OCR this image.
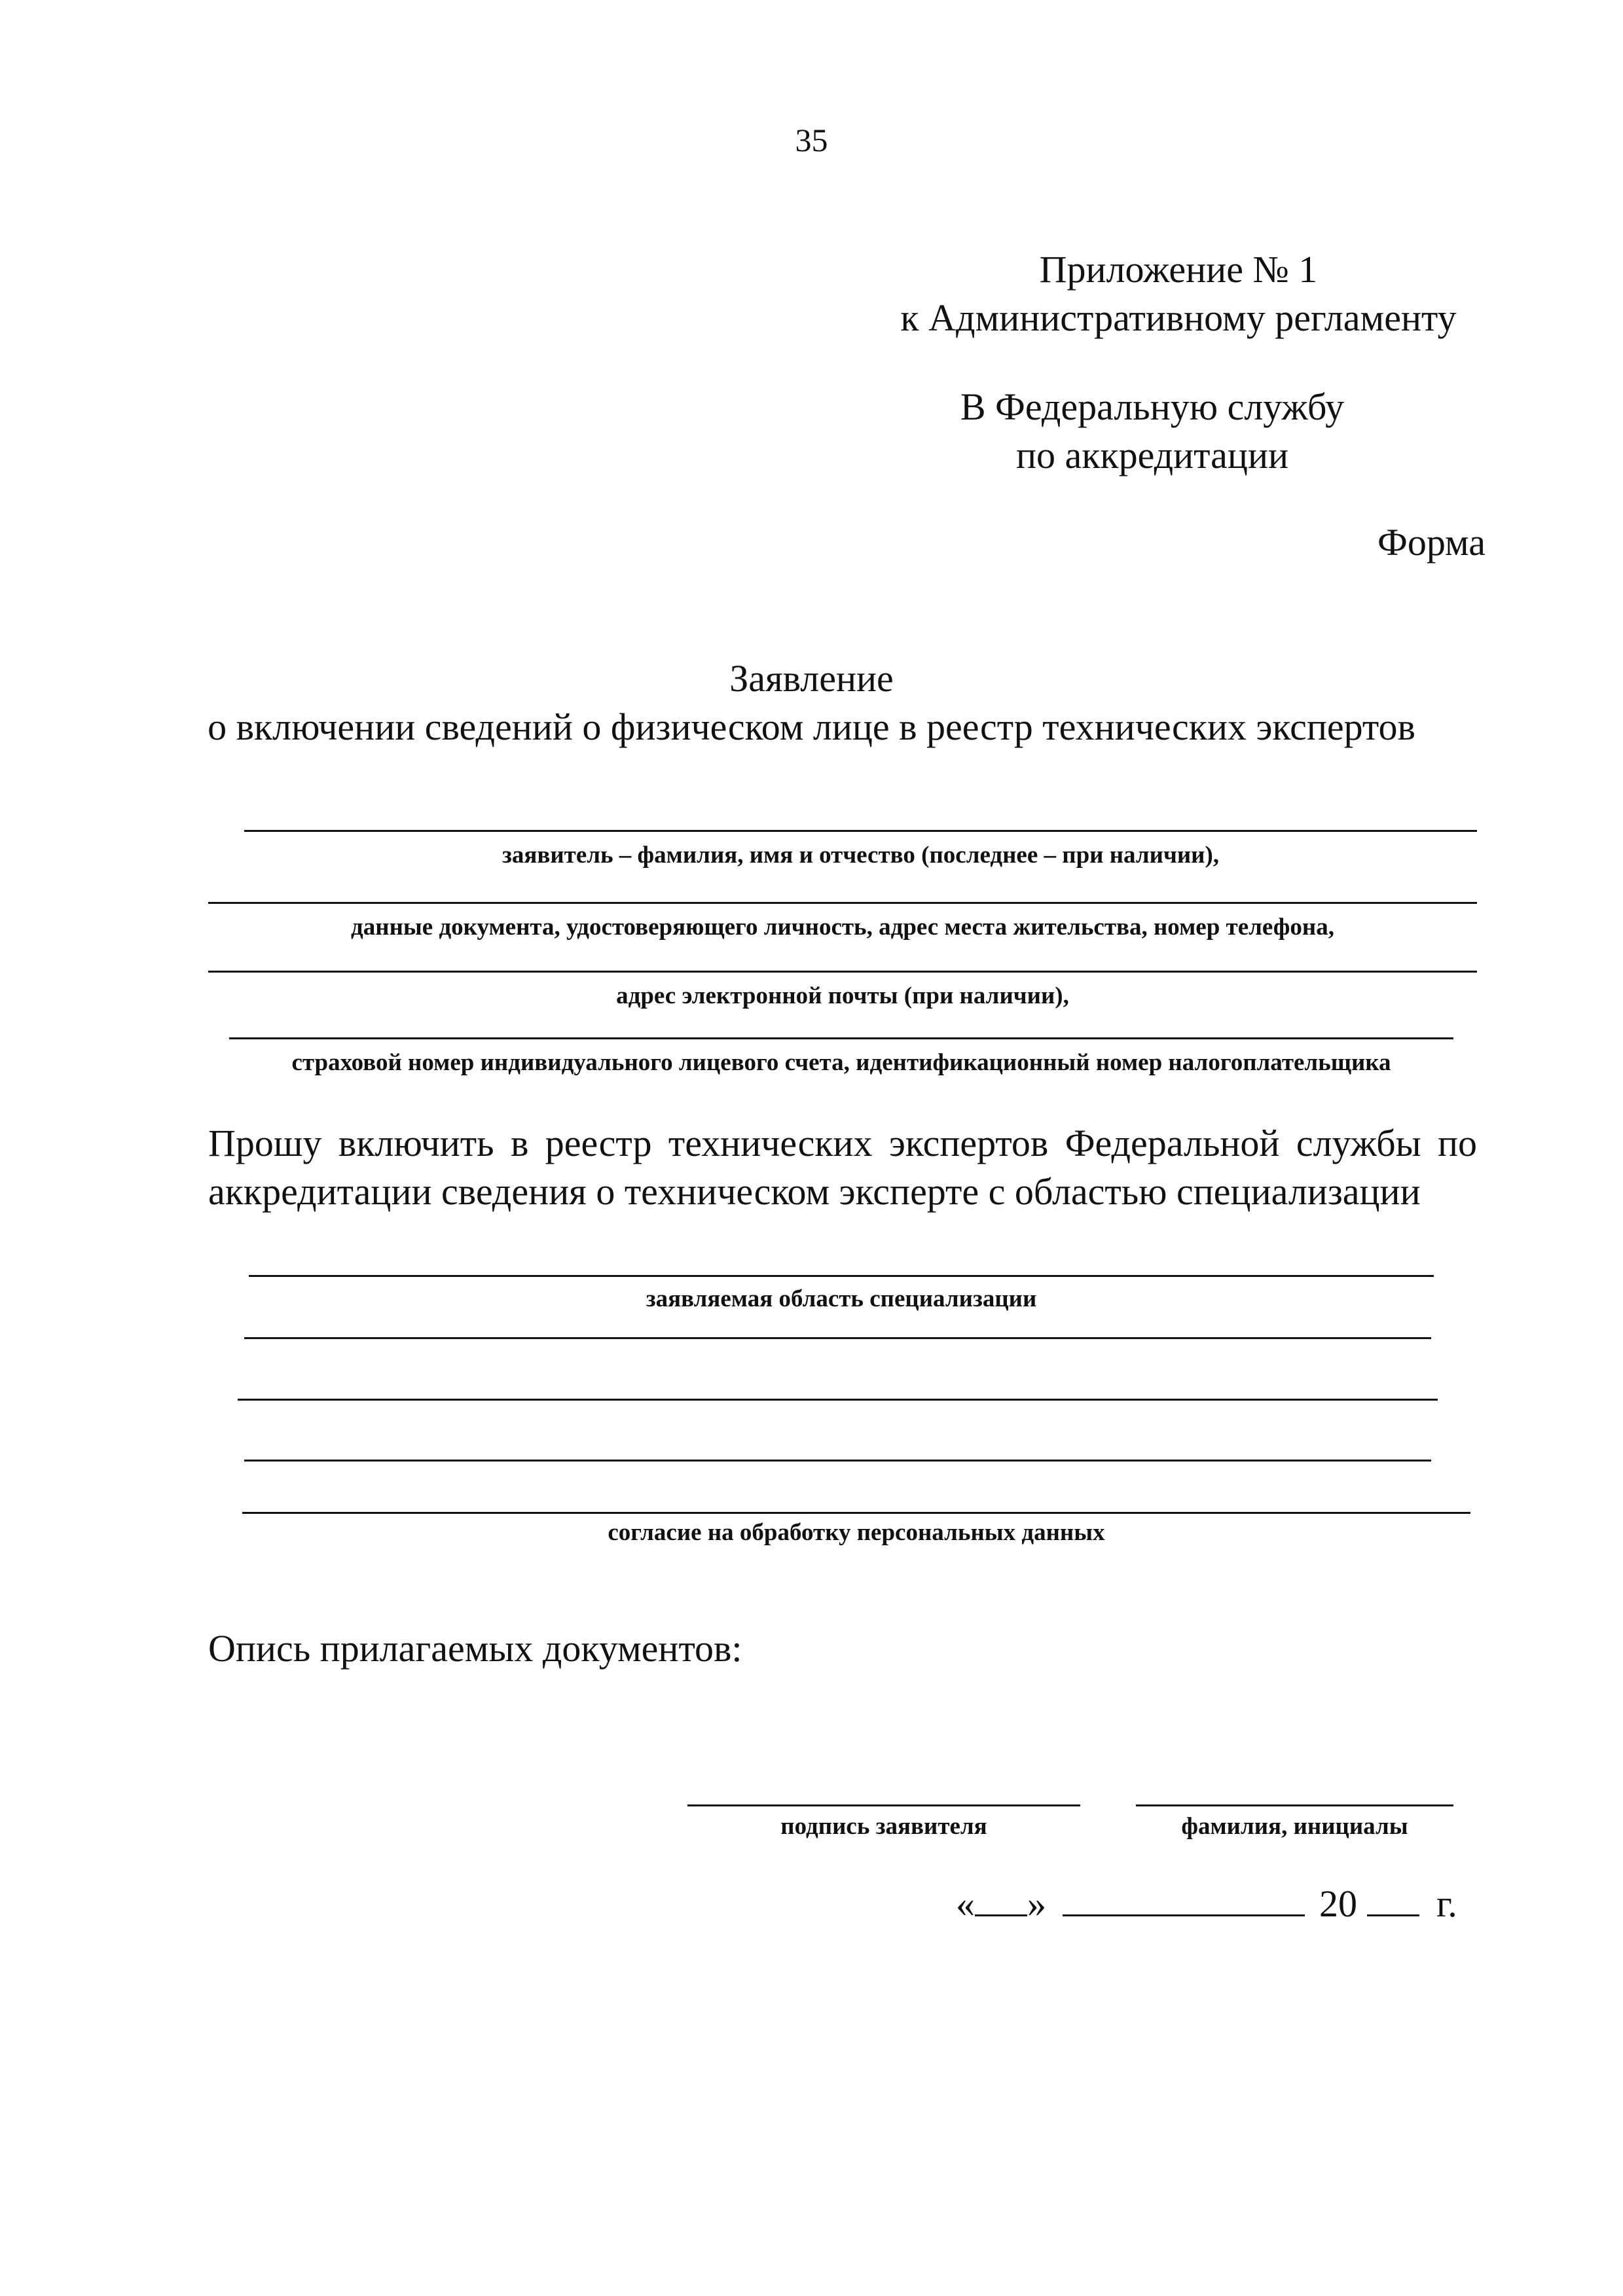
35
Приложение № 1
к Административному регламенту
В Федеральную службу
по аккредитации
Форма
Заявление
о включении сведений о физическом лице в реестр технических экспертов
заявитель – фамилия, имя и отчество (последнее – при наличии),
данные документа, удостоверяющего личность, адрес места жительства, номер телефона,
адрес электронной почты (при наличии),
страховой номер индивидуального лицевого счета, идентификационный номер налогоплательщика
Прошу включить в реестр технических экспертов Федеральной службы по аккредитации сведения о техническом эксперте с областью специализации
заявляемая область специализации
согласие на обработку персональных данных
Опись прилагаемых документов:
подпись заявителя	фамилия, инициалы
« »	20 г.
